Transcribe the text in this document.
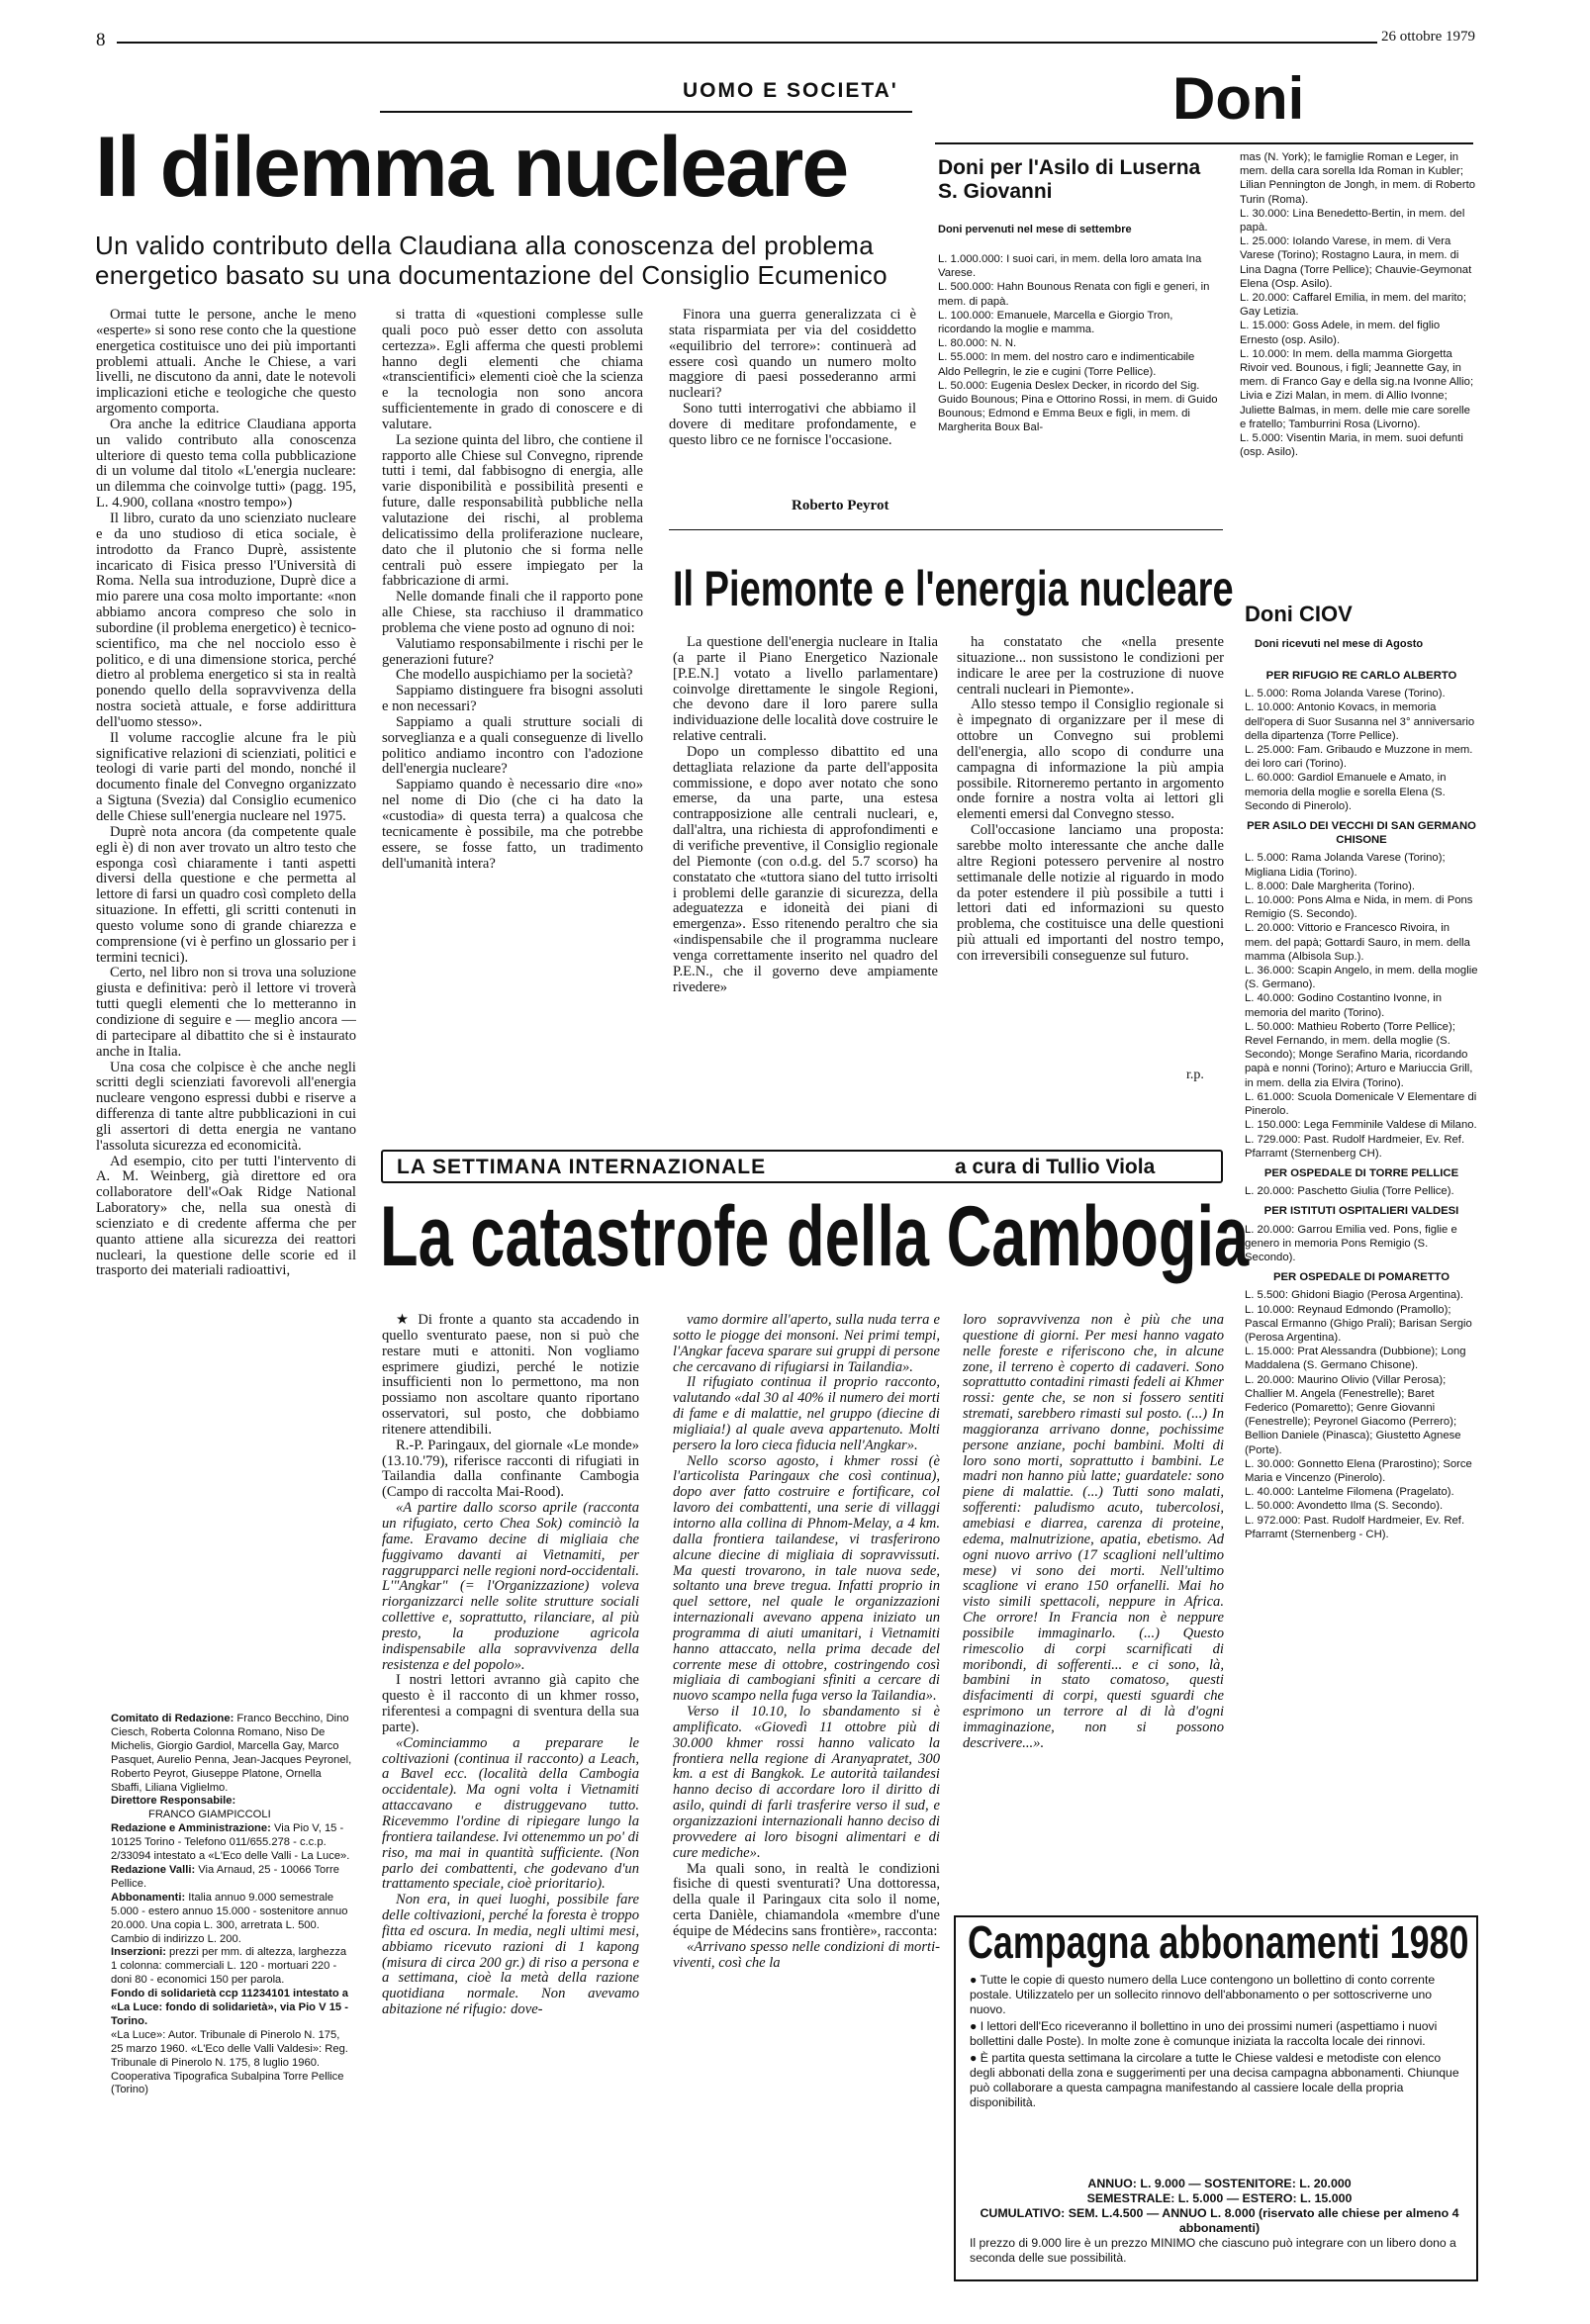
8	26 ottobre 1979
UOMO E SOCIETA'
Il dilemma nucleare
Un valido contributo della Claudiana alla conoscenza del problema energetico basato su una documentazione del Consiglio Ecumenico

Ormai tutte le persone, anche le meno «esperte» si sono rese conto che la questione energetica costituisce uno dei più importanti problemi attuali. Anche le Chiese, a vari livelli, ne discutono da anni, date le notevoli implicazioni etiche e teologiche che questo argomento comporta.

Ora anche la editrice Claudiana apporta un valido contributo alla conoscenza ulteriore di questo tema colla pubblicazione di un volume dal titolo «L'energia nucleare: un dilemma che coinvolge tutti» (pagg. 195, L. 4.900, collana «nostro tempo»)

Il libro, curato da uno scienziato nucleare e da uno studioso di etica sociale, è introdotto da Franco Duprè, assistente incaricato di Fisica presso l'Università di Roma. Nella sua introduzione, Duprè dice a mio parere una cosa molto importante: «non abbiamo ancora compreso che solo in subordine (il problema energetico) è tecnico-scientifico, ma che nel nocciolo esso è politico, e di una dimensione storica, perché dietro al problema energetico si sta in realtà ponendo quello della sopravvivenza della nostra società attuale, e forse addirittura dell'uomo stesso».

Il volume raccoglie alcune fra le più significative relazioni di scienziati, politici e teologi di varie parti del mondo, nonché il documento finale del Convegno organizzato a Sigtuna (Svezia) dal Consiglio ecumenico delle Chiese sull'energia nucleare nel 1975.

Duprè nota ancora (da competente quale egli è) di non aver trovato un altro testo che esponga così chiaramente i tanti aspetti diversi della questione e che permetta al lettore di farsi un quadro così completo della situazione. In effetti, gli scritti contenuti in questo volume sono di grande chiarezza e comprensione (vi è perfino un glossario per i termini tecnici).

Certo, nel libro non si trova una soluzione giusta e definitiva: però il lettore vi troverà tutti quegli elementi che lo metteranno in condizione di seguire e — meglio ancora — di partecipare al dibattito che si è instaurato anche in Italia.

Una cosa che colpisce è che anche negli scritti degli scienziati favorevoli all'energia nucleare vengono espressi dubbi e riserve a differenza di tante altre pubblicazioni in cui gli assertori di detta energia ne vantano l'assoluta sicurezza ed economicità.

Ad esempio, cito per tutti l'intervento di A. M. Weinberg, già direttore ed ora collaboratore dell'«Oak Ridge National Laboratory» che, nella sua onestà di scienziato e di credente afferma che per quanto attiene alla sicurezza dei reattori nucleari, la questione delle scorie ed il trasporto dei materiali radioattivi,

si tratta di «questioni complesse sulle quali poco può esser detto con assoluta certezza». Egli afferma che questi problemi hanno degli elementi che chiama «transcientifici» elementi cioè che la scienza e la tecnologia non sono ancora sufficientemente in grado di conoscere e di valutare.

La sezione quinta del libro, che contiene il rapporto alle Chiese sul Convegno, riprende tutti i temi, dal fabbisogno di energia, alle varie disponibilità e possibilità presenti e future, dalle responsabilità pubbliche nella valutazione dei rischi, al problema delicatissimo della proliferazione nucleare, dato che il plutonio che si forma nelle centrali può essere impiegato per la fabbricazione di armi.

Nelle domande finali che il rapporto pone alle Chiese, sta racchiuso il drammatico problema che viene posto ad ognuno di noi:

Valutiamo responsabilmente i rischi per le generazioni future?

Che modello auspichiamo per la società?

Sappiamo distinguere fra bisogni assoluti e non necessari?

Sappiamo a quali strutture sociali di sorveglianza e a quali conseguenze di livello politico andiamo incontro con l'adozione dell'energia nucleare?

Sappiamo quando è necessario dire «no» nel nome di Dio (che ci ha dato la «custodia» di questa terra) a qualcosa che tecnicamente è possibile, ma che potrebbe essere, se fosse fatto, un tradimento dell'umanità intera?

Finora una guerra generalizzata ci è stata risparmiata per via del cosiddetto «equilibrio del terrore»: continuerà ad essere così quando un numero molto maggiore di paesi possederanno armi nucleari?

Sono tutti interrogativi che abbiamo il dovere di meditare profondamente, e questo libro ce ne fornisce l'occasione.

Roberto Peyrot
Doni
Doni per l'Asilo di Luserna S. Giovanni
Doni pervenuti nel mese di settembre

L. 1.000.000: I suoi cari, in mem. della loro amata Ina Varese.

L. 500.000: Hahn Bounous Renata con figli e generi, in mem. di papà.

L. 100.000: Emanuele, Marcella e Giorgio Tron, ricordando la moglie e mamma.

L. 80.000: N. N.

L. 55.000: In mem. del nostro caro e indimenticabile Aldo Pellegrin, le zie e cugini (Torre Pellice).

L. 50.000: Eugenia Deslex Decker, in ricordo del Sig. Guido Bounous; Pina e Ottorino Rossi, in mem. di Guido Bounous; Edmond e Emma Beux e figli, in mem. di Margherita Boux Bal-

mas (N. York); le famiglie Roman e Leger, in mem. della cara sorella Ida Roman in Kubler; Lilian Pennington de Jongh, in mem. di Roberto Turin (Roma).

L. 30.000: Lina Benedetto-Bertin, in mem. del papà.

L. 25.000: Iolando Varese, in mem. di Vera Varese (Torino); Rostagno Laura, in mem. di Lina Dagna (Torre Pellice); Chauvie-Geymonat Elena (Osp. Asilo).

L. 20.000: Caffarel Emilia, in mem. del marito; Gay Letizia.

L. 15.000: Goss Adele, in mem. del figlio Ernesto (osp. Asilo).

L. 10.000: In mem. della mamma Giorgetta Rivoir ved. Bounous, i figli; Jeannette Gay, in mem. di Franco Gay e della sig.na Ivonne Allio; Livia e Zizi Malan, in mem. di Allio Ivonne; Juliette Balmas, in mem. delle mie care sorelle e fratello; Tamburrini Rosa (Livorno).

L. 5.000: Visentin Maria, in mem. suoi defunti (osp. Asilo).

Doni CIOV
Doni ricevuti nel mese di Agosto

PER RIFUGIO RE CARLO ALBERTO

L. 5.000: Roma Jolanda Varese (Torino).

L. 10.000: Antonio Kovacs, in memoria dell'opera di Suor Susanna nel 3° anniversario della dipartenza (Torre Pellice).

L. 25.000: Fam. Gribaudo e Muzzone in mem. dei loro cari (Torino).

L. 60.000: Gardiol Emanuele e Amato, in memoria della moglie e sorella Elena (S. Secondo di Pinerolo).

PER ASILO DEI VECCHI DI SAN GERMANO CHISONE

L. 5.000: Rama Jolanda Varese (Torino); Migliana Lidia (Torino).

L. 8.000: Dale Margherita (Torino).

L. 10.000: Pons Alma e Nida, in mem. di Pons Remigio (S. Secondo).

L. 20.000: Vittorio e Francesco Rivoira, in mem. del papà; Gottardi Sauro, in mem. della mamma (Albisola Sup.).

L. 36.000: Scapin Angelo, in mem. della moglie (S. Germano).

L. 40.000: Godino Costantino Ivonne, in memoria del marito (Torino).

L. 50.000: Mathieu Roberto (Torre Pellice); Revel Fernando, in mem. della moglie (S. Secondo); Monge Serafino Maria, ricordando papà e nonni (Torino); Arturo e Mariuccia Grill, in mem. della zia Elvira (Torino).

L. 61.000: Scuola Domenicale V Elementare di Pinerolo.

L. 150.000: Lega Femminile Valdese di Milano.

L. 729.000: Past. Rudolf Hardmeier, Ev. Ref. Pfarramt (Sternenberg CH).

PER OSPEDALE DI TORRE PELLICE

L. 20.000: Paschetto Giulia (Torre Pellice).

PER ISTITUTI OSPITALIERI VALDESI

L. 20.000: Garrou Emilia ved. Pons, figlie e genero in memoria Pons Remigio (S. Secondo).

PER OSPEDALE DI POMARETTO

L. 5.500: Ghidoni Biagio (Perosa Argentina).

L. 10.000: Reynaud Edmondo (Pramollo); Pascal Ermanno (Ghigo Prali); Barisan Sergio (Perosa Argentina).

L. 15.000: Prat Alessandra (Dubbione); Long Maddalena (S. Germano Chisone).

L. 20.000: Maurino Olivio (Villar Perosa); Challier M. Angela (Fenestrelle); Baret Federico (Pomaretto); Genre Giovanni (Fenestrelle); Peyronel Giacomo (Perrero); Bellion Daniele (Pinasca); Giustetto Agnese (Porte).

L. 30.000: Gonnetto Elena (Prarostino); Sorce Maria e Vincenzo (Pinerolo).

L. 40.000: Lantelme Filomena (Pragelato).

L. 50.000: Avondetto Ilma (S. Secondo).

L. 972.000: Past. Rudolf Hardmeier, Ev. Ref. Pfarramt (Sternenberg - CH).

Il Piemonte e l'energia nucleare

La questione dell'energia nucleare in Italia (a parte il Piano Energetico Nazionale [P.E.N.] votato a livello parlamentare) coinvolge direttamente le singole Regioni, che devono dare il loro parere sulla individuazione delle località dove costruire le relative centrali.

Dopo un complesso dibattito ed una dettagliata relazione da parte dell'apposita commissione, e dopo aver notato che sono emerse, da una parte, una estesa contrapposizione alle centrali nucleari, e, dall'altra, una richiesta di approfondimenti e di verifiche preventive, il Consiglio regionale del Piemonte (con o.d.g. del 5.7 scorso) ha constatato che «tuttora siano del tutto irrisolti i problemi delle garanzie di sicurezza, della adeguatezza e idoneità dei piani di emergenza». Esso ritenendo peraltro che sia «indispensabile che il programma nucleare venga correttamente inserito nel quadro del P.E.N., che il governo deve ampiamente rivedere»

ha constatato che «nella presente situazione... non sussistono le condizioni per indicare le aree per la costruzione di nuove centrali nucleari in Piemonte».

Allo stesso tempo il Consiglio regionale si è impegnato di organizzare per il mese di ottobre un Convegno sui problemi dell'energia, allo scopo di condurre una campagna di informazione la più ampia possibile. Ritorneremo pertanto in argomento onde fornire a nostra volta ai lettori gli elementi emersi dal Convegno stesso.

Coll'occasione lanciamo una proposta: sarebbe molto interessante che anche dalle altre Regioni potessero pervenire al nostro settimanale delle notizie al riguardo in modo da poter estendere il più possibile a tutti i lettori dati ed informazioni su questo problema, che costituisce una delle questioni più attuali ed importanti del nostro tempo, con irreversibili conseguenze sul futuro.

r.p.
LA SETTIMANA INTERNAZIONALE	a cura di Tullio Viola
La catastrofe della Cambogia

★ Di fronte a quanto sta accadendo in quello sventurato paese, non si può che restare muti e attoniti. Non vogliamo esprimere giudizi, perché le notizie insufficienti non lo permettono, ma non possiamo non ascoltare quanto riportano osservatori, sul posto, che dobbiamo ritenere attendibili.

R.-P. Paringaux, del giornale «Le monde» (13.10.'79), riferisce racconti di rifugiati in Tailandia dalla confinante Cambogia (Campo di raccolta Mai-Rood).

«A partire dallo scorso aprile (racconta un rifugiato, certo Chea Sok) cominciò la fame. Eravamo decine di migliaia che fuggivamo davanti ai Vietnamiti, per raggrupparci nelle regioni nord-occidentali. L'"Angkar" (= l'Organizzazione) voleva riorganizzarci nelle solite strutture sociali collettive e, soprattutto, rilanciare, al più presto, la produzione agricola indispensabile alla sopravvivenza della resistenza e del popolo».

I nostri lettori avranno già capito che questo è il racconto di un khmer rosso, riferentesi a compagni di sventura della sua parte).

«Cominciammo a preparare le coltivazioni (continua il racconto) a Leach, a Bavel ecc. (località della Cambogia occidentale). Ma ogni volta i Vietnamiti attaccavano e distruggevano tutto. Ricevemmo l'ordine di ripiegare lungo la frontiera tailandese. Ivi ottenemmo un po' di riso, ma mai in quantità sufficiente. (Non parlo dei combattenti, che godevano d'un trattamento speciale, cioè prioritario).

Non era, in quei luoghi, possibile fare delle coltivazioni, perché la foresta è troppo fitta ed oscura. In media, negli ultimi mesi, abbiamo ricevuto razioni di 1 kapong (misura di circa 200 gr.) di riso a persona e a settimana, cioè la metà della razione quotidiana normale. Non avevamo abitazione né rifugio: dove-

vamo dormire all'aperto, sulla nuda terra e sotto le piogge dei monsoni. Nei primi tempi, l'Angkar faceva sparare sui gruppi di persone che cercavano di rifugiarsi in Tailandia».

Il rifugiato continua il proprio racconto, valutando «dal 30 al 40% il numero dei morti di fame e di malattie, nel gruppo (diecine di migliaia!) al quale aveva appartenuto. Molti persero la loro cieca fiducia nell'Angkar».

Nello scorso agosto, i khmer rossi (è l'articolista Paringaux che così continua), dopo aver fatto costruire e fortificare, col lavoro dei combattenti, una serie di villaggi intorno alla collina di Phnom-Melay, a 4 km. dalla frontiera tailandese, vi trasferirono alcune diecine di migliaia di sopravvissuti. Ma questi trovarono, in tale nuova sede, soltanto una breve tregua. Infatti proprio in quel settore, nel quale le organizzazioni internazionali avevano appena iniziato un programma di aiuti umanitari, i Vietnamiti hanno attaccato, nella prima decade del corrente mese di ottobre, costringendo così migliaia di cambogiani sfiniti a cercare di nuovo scampo nella fuga verso la Tailandia».

Verso il 10.10, lo sbandamento si è amplificato. «Giovedì 11 ottobre più di 30.000 khmer rossi hanno valicato la frontiera nella regione di Aranyapratet, 300 km. a est di Bangkok. Le autorità tailandesi hanno deciso di accordare loro il diritto di asilo, quindi di farli trasferire verso il sud, e organizzazioni internazionali hanno deciso di provvedere ai loro bisogni alimentari e di cure mediche».

Ma quali sono, in realtà le condizioni fisiche di questi sventurati? Una dottoressa, della quale il Paringaux cita solo il nome, certa Danièle, chiamandola «membre d'une équipe de Médecins sans frontière», racconta:

«Arrivano spesso nelle condizioni di morti-viventi, così che la

loro sopravvivenza non è più che una questione di giorni. Per mesi hanno vagato nelle foreste e riferiscono che, in alcune zone, il terreno è coperto di cadaveri. Sono soprattutto contadini rimasti fedeli ai Khmer rossi: gente che, se non si fossero sentiti stremati, sarebbero rimasti sul posto. (...) In maggioranza arrivano donne, pochissime persone anziane, pochi bambini. Molti di loro sono morti, soprattutto i bambini. Le madri non hanno più latte; guardatele: sono piene di malattie. (...) Tutti sono malati, sofferenti: paludismo acuto, tubercolosi, amebiasi e diarrea, carenza di proteine, edema, malnutrizione, apatia, ebetismo. Ad ogni nuovo arrivo (17 scaglioni nell'ultimo mese) vi sono dei morti. Nell'ultimo scaglione vi erano 150 orfanelli. Mai ho visto simili spettacoli, neppure in Africa. Che orrore! In Francia non è neppure possibile immaginarlo. (...) Questo rimescolio di corpi scarnificati di moribondi, di sofferenti... e ci sono, là, bambini in stato comatoso, questi disfacimenti di corpi, questi sguardi che esprimono un terrore al di là d'ogni immaginazione, non si possono descrivere...».

Comitato di Redazione: Franco Becchino, Dino Ciesch, Roberta Colonna Romano, Niso De Michelis, Giorgio Gardiol, Marcella Gay, Marco Pasquet, Aurelio Penna, Jean-Jacques Peyronel, Roberto Peyrot, Giuseppe Platone, Ornella Sbaffi, Liliana Viglielmo.

Direttore Responsabile:
FRANCO GIAMPICCOLI

Redazione e Amministrazione: Via Pio V, 15 - 10125 Torino - Telefono 011/655.278 - c.c.p. 2/33094 intestato a «L'Eco delle Valli - La Luce».

Redazione Valli: Via Arnaud, 25 - 10066 Torre Pellice.

Abbonamenti: Italia annuo 9.000 semestrale 5.000 - estero annuo 15.000 - sostenitore annuo 20.000. Una copia L. 300, arretrata L. 500. Cambio di indirizzo L. 200.

Inserzioni: prezzi per mm. di altezza, larghezza 1 colonna: commerciali L. 120 - mortuari 220 - doni 80 - economici 150 per parola.

Fondo di solidarietà ccp 11234101 intestato a «La Luce: fondo di solidarietà», via Pio V 15 - Torino.

«La Luce»: Autor. Tribunale di Pinerolo N. 175, 25 marzo 1960. «L'Eco delle Valli Valdesi»: Reg. Tribunale di Pinerolo N. 175, 8 luglio 1960.

Cooperativa Tipografica Subalpina Torre Pellice (Torino)

Campagna abbonamenti 1980

● Tutte le copie di questo numero della Luce contengono un bollettino di conto corrente postale. Utilizzatelo per un sollecito rinnovo dell'abbonamento o per sottoscriverne uno nuovo.

● I lettori dell'Eco riceveranno il bollettino in uno dei prossimi numeri (aspettiamo i nuovi bollettini dalle Poste). In molte zone è comunque iniziata la raccolta locale dei rinnovi.

● È partita questa settimana la circolare a tutte le Chiese valdesi e metodiste con elenco degli abbonati della zona e suggerimenti per una decisa campagna abbonamenti. Chiunque può collaborare a questa campagna manifestando al cassiere locale della propria disponibilità.

ANNUO: L. 9.000 — SOSTENITORE: L. 20.000
SEMESTRALE: L. 5.000 — ESTERO: L. 15.000
CUMULATIVO: SEM. L.4.500 — ANNUO L. 8.000 (riservato alle chiese per almeno 4 abbonamenti)
Il prezzo di 9.000 lire è un prezzo MINIMO che ciascuno può integrare con un libero dono a seconda delle sue possibilità.
